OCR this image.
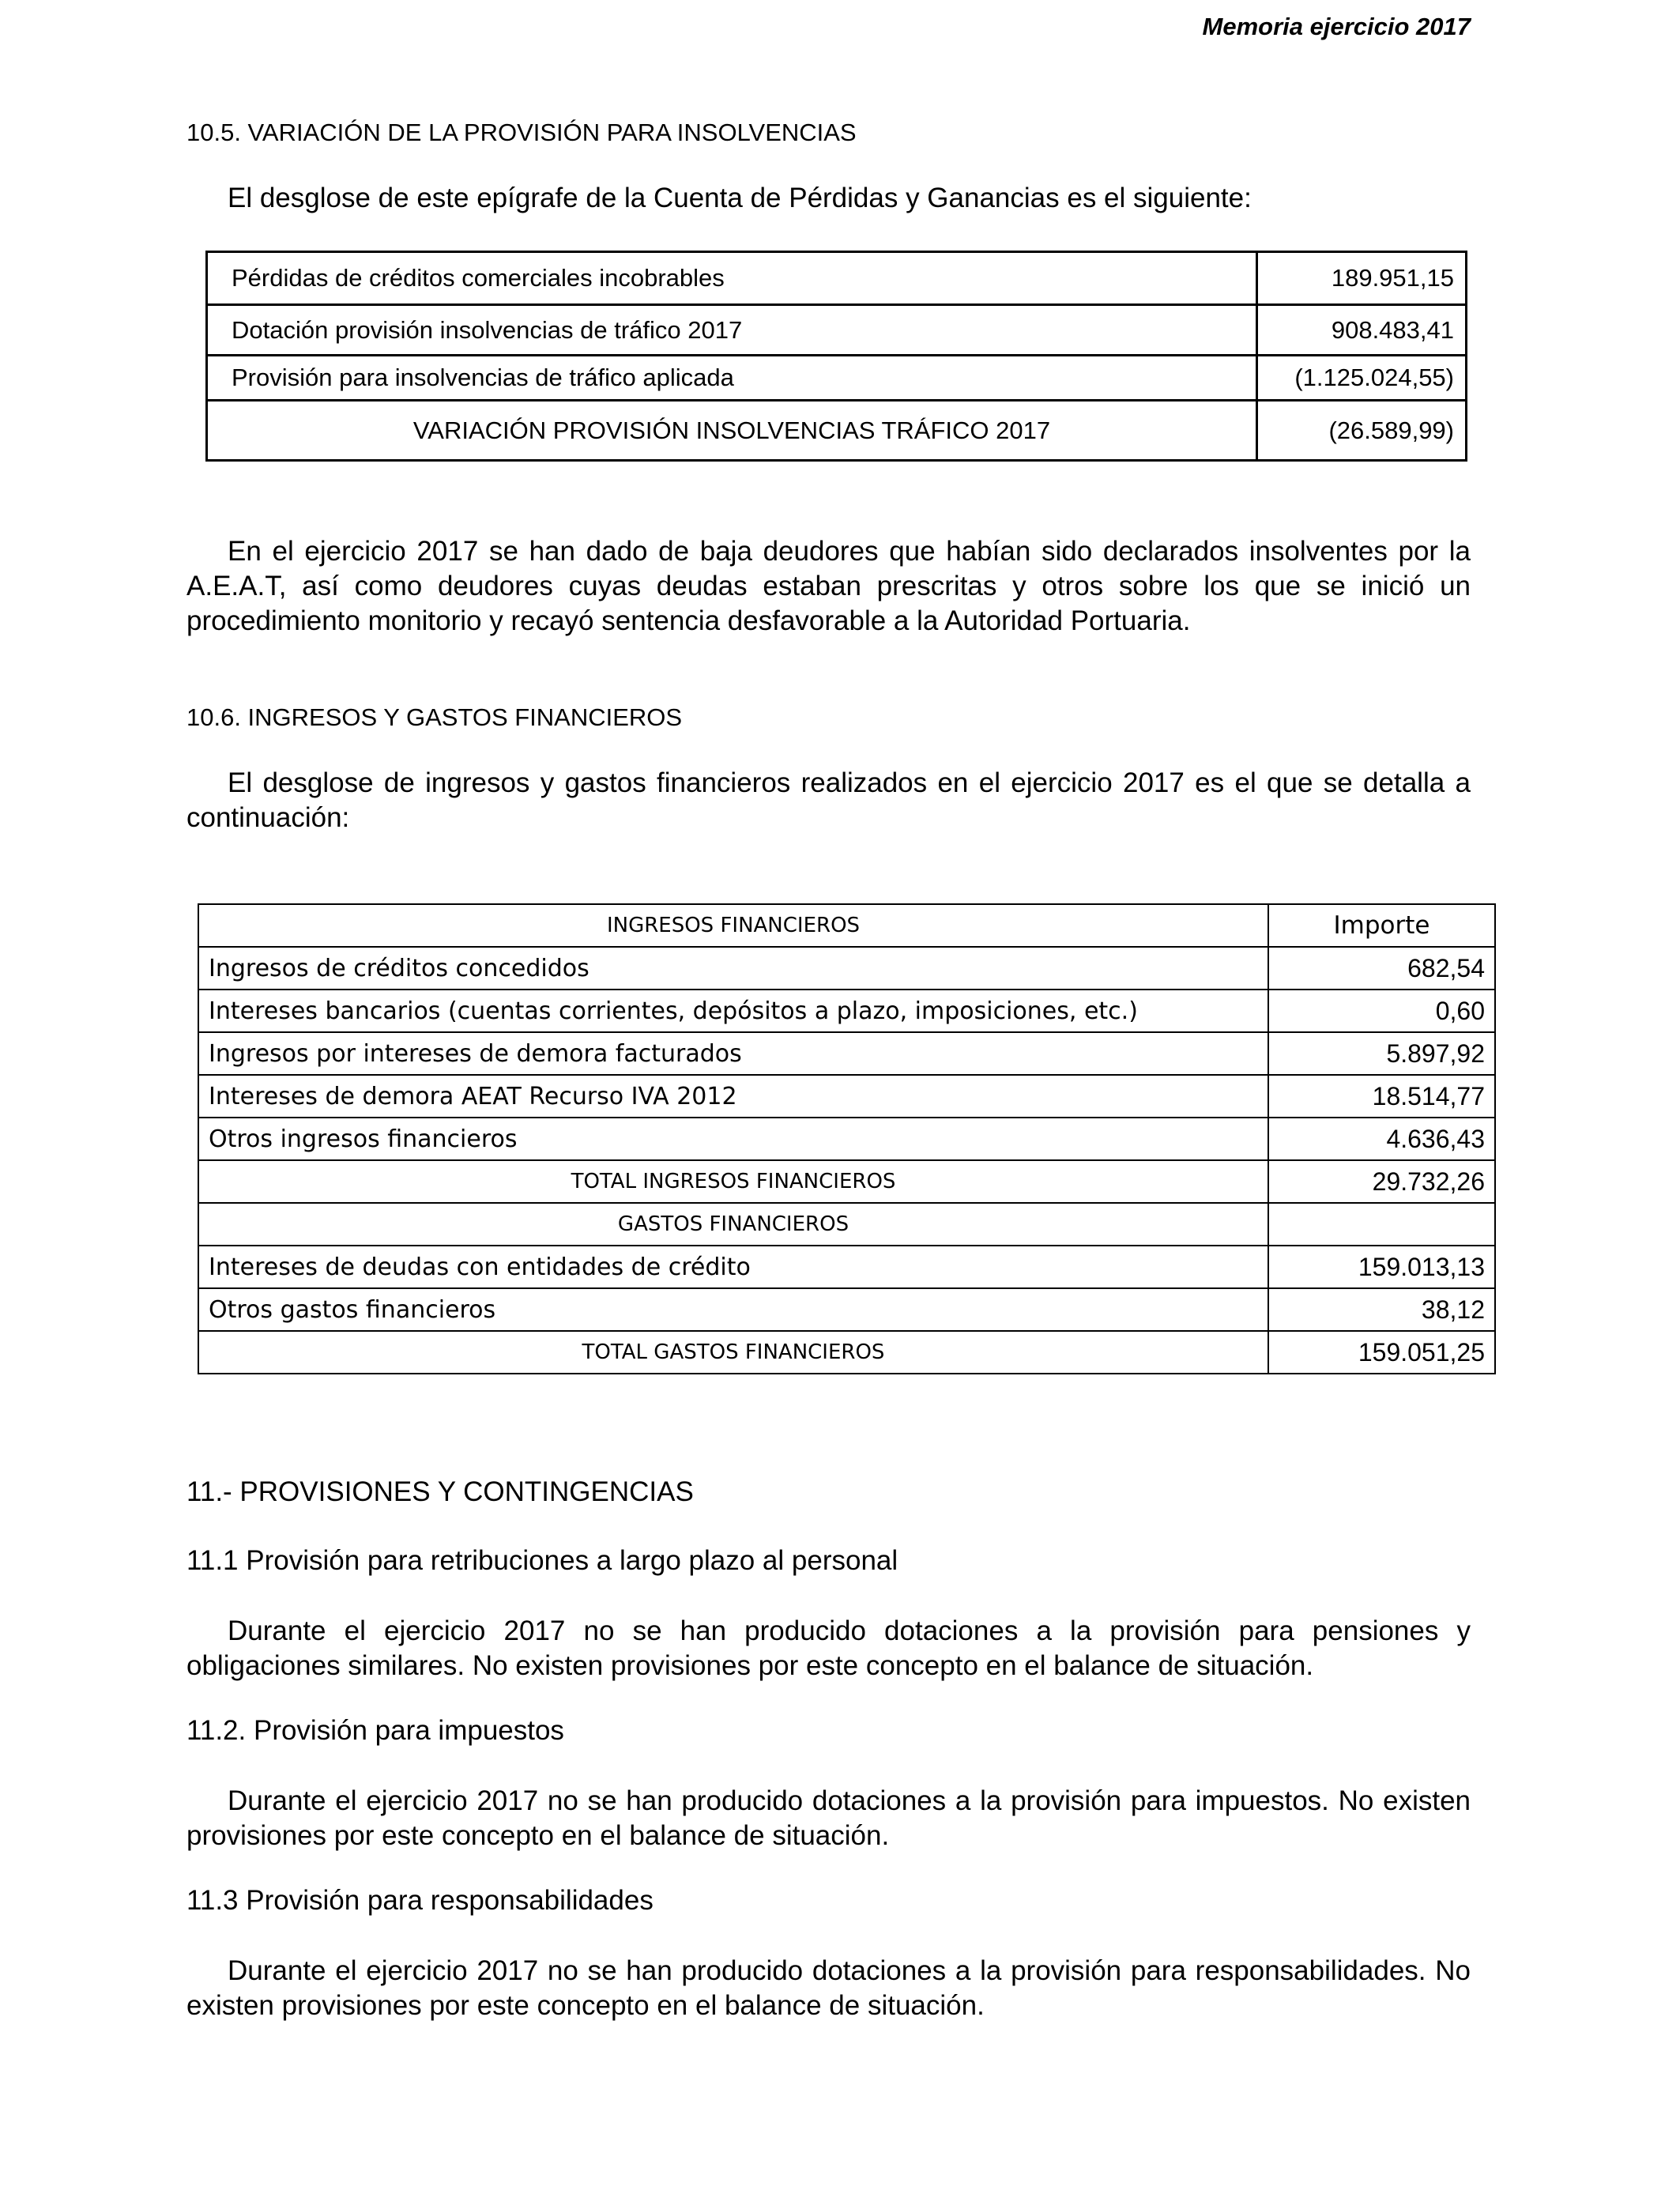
Memoria ejercicio 2017
10.5. VARIACIÓN DE LA PROVISIÓN PARA INSOLVENCIAS
El desglose de este epígrafe de la Cuenta de Pérdidas y Ganancias es el siguiente:
Pérdidas de créditos comerciales incobrables	189.951,15
Dotación provisión insolvencias de tráfico 2017	908.483,41
Provisión para insolvencias de tráfico aplicada	(1.125.024,55)
VARIACIÓN PROVISIÓN INSOLVENCIAS TRÁFICO 2017	(26.589,99)
En el ejercicio 2017 se han dado de baja deudores que habían sido declarados insolventes por la A.E.A.T, así como deudores cuyas deudas estaban prescritas y otros sobre los que se inició un procedimiento monitorio y recayó sentencia desfavorable a la Autoridad Portuaria.
10.6. INGRESOS Y GASTOS FINANCIEROS
El desglose de ingresos y gastos financieros realizados en el ejercicio 2017 es el que se detalla a continuación:
INGRESOS FINANCIEROS	Importe
Ingresos de créditos concedidos	682,54
Intereses bancarios (cuentas corrientes, depósitos a plazo, imposiciones, etc.)	0,60
Ingresos por intereses de demora facturados	5.897,92
Intereses de demora AEAT Recurso IVA 2012	18.514,77
Otros ingresos financieros	4.636,43
TOTAL INGRESOS FINANCIEROS	29.732,26
GASTOS FINANCIEROS	
Intereses de deudas con entidades de crédito	159.013,13
Otros gastos financieros	38,12
TOTAL GASTOS FINANCIEROS	159.051,25
11.- PROVISIONES Y CONTINGENCIAS
11.1 Provisión para retribuciones a largo plazo al personal
Durante el ejercicio 2017 no se han producido dotaciones a la provisión para pensiones y obligaciones similares. No existen provisiones por este concepto en el balance de situación.
11.2. Provisión para impuestos
Durante el ejercicio 2017 no se han producido dotaciones a la provisión para impuestos. No existen provisiones por este concepto en el balance de situación.
11.3 Provisión para responsabilidades
Durante el ejercicio 2017 no se han producido dotaciones a la provisión para responsabilidades. No existen provisiones por este concepto en el balance de situación.
